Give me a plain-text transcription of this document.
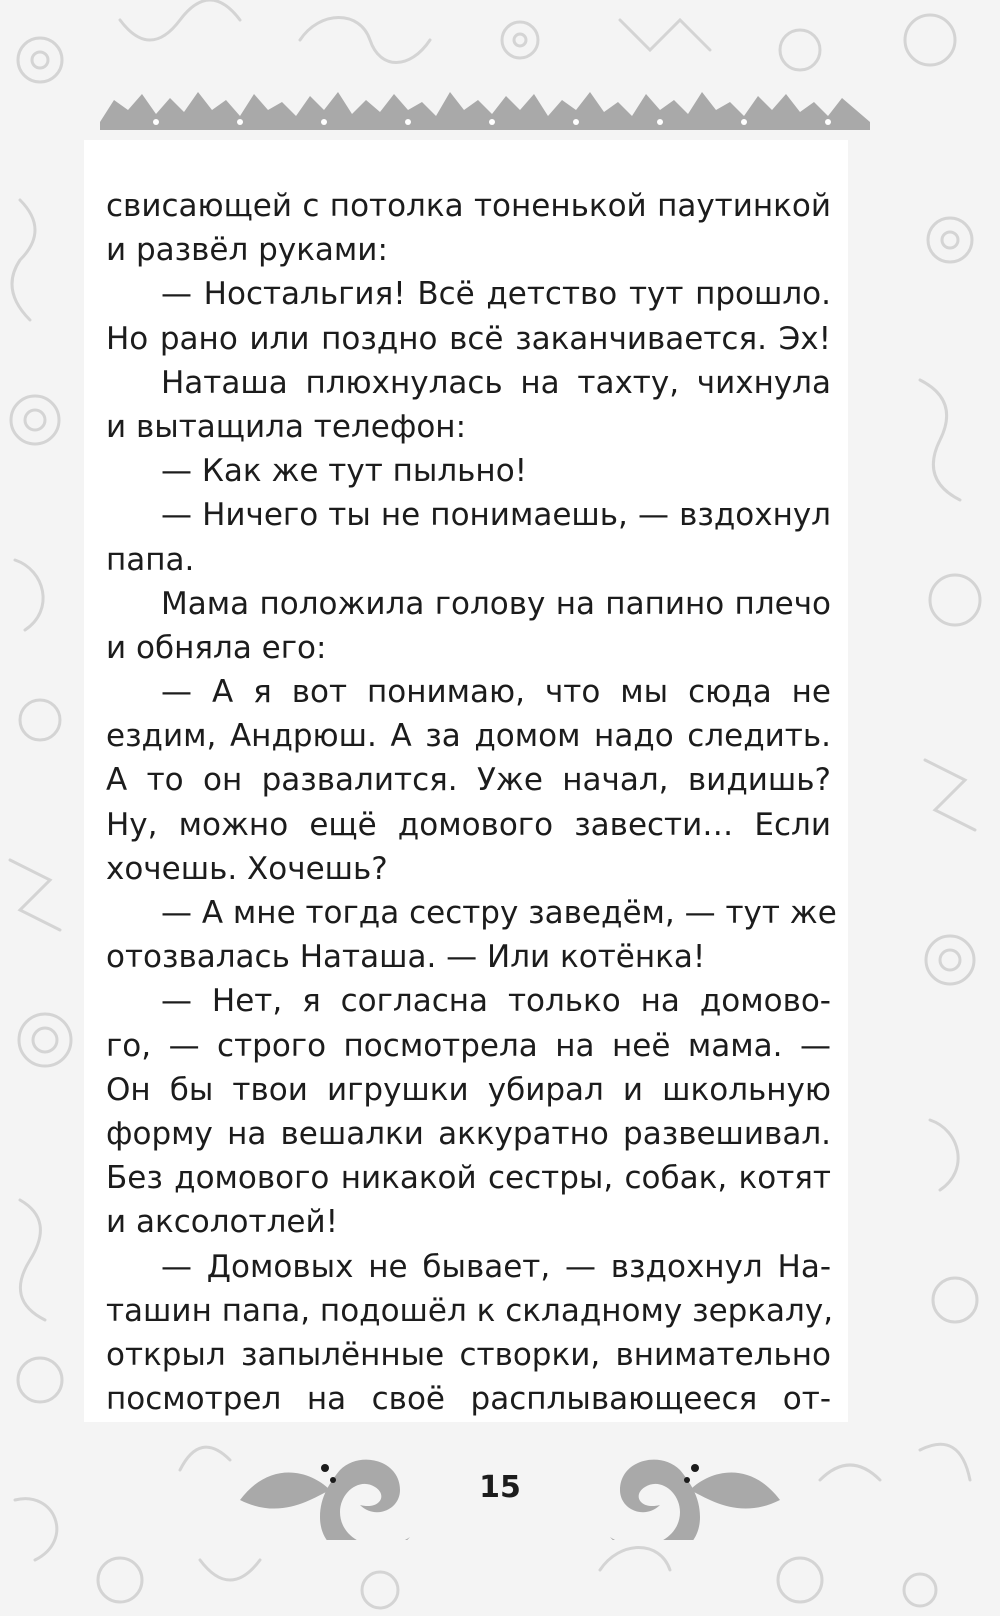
свисающей с потолка тоненькой паутинкой
и развёл руками:
— Ностальгия! Всё детство тут прошло.
Но рано или поздно всё заканчивается. Эх!
Наташа плюхнулась на тахту, чихнула
и вытащила телефон:
— Как же тут пыльно!
— Ничего ты не понимаешь, — вздохнул
папа.
Мама положила голову на папино плечо
и обняла его:
— А я вот понимаю, что мы сюда не
ездим, Андрюш. А за домом надо следить.
А то он развалится. Уже начал, видишь?
Ну, можно ещё домового завести… Если
хочешь. Хочешь?
— А мне тогда сестру заведём, — тут же
отозвалась Наташа. — Или котёнка!
— Нет, я согласна только на домово-
го, — строго посмотрела на неё мама. —
Он бы твои игрушки убирал и школьную
форму на вешалки аккуратно развешивал.
Без домового никакой сестры, собак, котят
и аксолотлей!
— Домовых не бывает, — вздохнул На-
ташин папа, подошёл к складному зеркалу,
открыл запылённые створки, внимательно
посмотрел на своё расплывающееся от-
15
